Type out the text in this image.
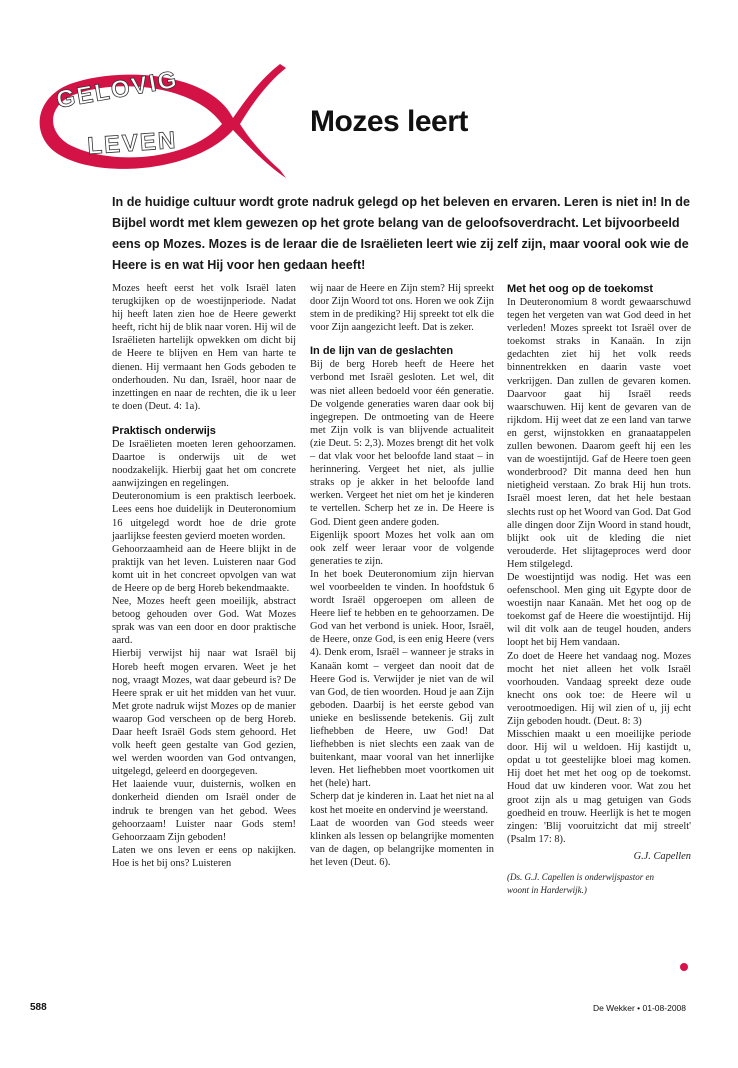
GELOVIG
LEVEN
Mozes leert

In de huidige cultuur wordt grote nadruk gelegd op het beleven en ervaren. Leren is niet in! In de Bijbel wordt met klem gewezen op het grote belang van de geloofsoverdracht. Let bijvoorbeeld eens op Mozes. Mozes is de leraar die de Israëlieten leert wie zij zelf zijn, maar vooral ook wie de Heere is en wat Hij voor hen gedaan heeft!

Mozes heeft eerst het volk Israël laten terugkijken op de woestijnperiode. Nadat hij heeft laten zien hoe de Heere gewerkt heeft, richt hij de blik naar voren. Hij wil de Israëlieten hartelijk opwekken om dicht bij de Heere te blijven en Hem van harte te dienen. Hij vermaant hen Gods geboden te onderhouden. Nu dan, Israël, hoor naar de inzettingen en naar de rechten, die ik u leer te doen (Deut. 4: 1a).

Praktisch onderwijs

De Israëlieten moeten leren gehoorzamen. Daartoe is onderwijs uit de wet noodzakelijk. Hierbij gaat het om concrete aanwijzingen en regelingen.

Deuteronomium is een praktisch leerboek. Lees eens hoe duidelijk in Deuteronomium 16 uitgelegd wordt hoe de drie grote jaarlijkse feesten gevierd moeten worden.

Gehoorzaamheid aan de Heere blijkt in de praktijk van het leven. Luisteren naar God komt uit in het concreet opvolgen van wat de Heere op de berg Horeb bekendmaakte.

Nee, Mozes heeft geen moeilijk, abstract betoog gehouden over God. Wat Mozes sprak was van een door en door praktische aard.

Hierbij verwijst hij naar wat Israël bij Horeb heeft mogen ervaren. Weet je het nog, vraagt Mozes, wat daar gebeurd is? De Heere sprak er uit het midden van het vuur. Met grote nadruk wijst Mozes op de manier waarop God verscheen op de berg Horeb. Daar heeft Israël Gods stem gehoord. Het volk heeft geen gestalte van God gezien, wel werden woorden van God ontvangen, uitgelegd, geleerd en doorgegeven.

Het laaiende vuur, duisternis, wolken en donkerheid dienden om Israël onder de indruk te brengen van het gebod. Wees gehoorzaam! Luister naar Gods stem! Gehoorzaam Zijn geboden!

Laten we ons leven er eens op nakijken. Hoe is het bij ons? Luisteren

wij naar de Heere en Zijn stem? Hij spreekt door Zijn Woord tot ons. Horen we ook Zijn stem in de prediking? Hij spreekt tot elk die voor Zijn aangezicht leeft. Dat is zeker.

In de lijn van de geslachten

Bij de berg Horeb heeft de Heere het verbond met Israël gesloten. Let wel, dit was niet alleen bedoeld voor één generatie. De volgende generaties waren daar ook bij ingegrepen. De ontmoeting van de Heere met Zijn volk is van blijvende actualiteit (zie Deut. 5: 2,3). Mozes brengt dit het volk – dat vlak voor het beloofde land staat – in herinnering. Vergeet het niet, als jullie straks op je akker in het beloofde land werken. Vergeet het niet om het je kinderen te vertellen. Scherp het ze in. De Heere is God. Dient geen andere goden.

Eigenlijk spoort Mozes het volk aan om ook zelf weer leraar voor de volgende generaties te zijn.

In het boek Deuteronomium zijn hiervan wel voorbeelden te vinden. In hoofdstuk 6 wordt Israël opgeroepen om alleen de Heere lief te hebben en te gehoorzamen. De God van het verbond is uniek. Hoor, Israël, de Heere, onze God, is een enig Heere (vers 4). Denk erom, Israël – wanneer je straks in Kanaän komt – vergeet dan nooit dat de Heere God is. Verwijder je niet van de wil van God, de tien woorden. Houd je aan Zijn geboden. Daarbij is het eerste gebod van unieke en beslissende betekenis. Gij zult liefhebben de Heere, uw God! Dat liefhebben is niet slechts een zaak van de buitenkant, maar vooral van het innerlijke leven. Het liefhebben moet voortkomen uit het (hele) hart.

Scherp dat je kinderen in. Laat het niet na al kost het moeite en ondervind je weerstand.

Laat de woorden van God steeds weer klinken als lessen op belangrijke momenten van de dagen, op belangrijke momenten in het leven (Deut. 6).

Met het oog op de toekomst

In Deuteronomium 8 wordt gewaarschuwd tegen het vergeten van wat God deed in het verleden! Mozes spreekt tot Israël over de toekomst straks in Kanaän. In zijn gedachten ziet hij het volk reeds binnentrekken en daarin vaste voet verkrijgen. Dan zullen de gevaren komen. Daarvoor gaat hij Israël reeds waarschuwen. Hij kent de gevaren van de rijkdom. Hij weet dat ze een land van tarwe en gerst, wijnstokken en granaatappelen zullen bewonen. Daarom geeft hij een les van de woestijntijd. Gaf de Heere toen geen wonderbrood? Dit manna deed hen hun nietigheid verstaan. Zo brak Hij hun trots. Israël moest leren, dat het hele bestaan slechts rust op het Woord van God. Dat God alle dingen door Zijn Woord in stand houdt, blijkt ook uit de kleding die niet verouderde. Het slijtageproces werd door Hem stilgelegd.

De woestijntijd was nodig. Het was een oefenschool. Men ging uit Egypte door de woestijn naar Kanaän. Met het oog op de toekomst gaf de Heere die woestijntijd. Hij wil dit volk aan de teugel houden, anders loopt het bij Hem vandaan.

Zo doet de Heere het vandaag nog. Mozes mocht het niet alleen het volk Israël voorhouden. Vandaag spreekt deze oude knecht ons ook toe: de Heere wil u verootmoedigen. Hij wil zien of u, jij echt Zijn geboden houdt. (Deut. 8: 3)

Misschien maakt u een moeilijke periode door. Hij wil u weldoen. Hij kastijdt u, opdat u tot geestelijke bloei mag komen. Hij doet het met het oog op de toekomst. Houd dat uw kinderen voor. Wat zou het groot zijn als u mag getuigen van Gods goedheid en trouw. Heerlijk is het te mogen zingen: 'Blij vooruitzicht dat mij streelt' (Psalm 17: 8).

G.J. Capellen

(Ds. G.J. Capellen is onderwijspastor en woont in Harderwijk.)

588	De Wekker • 01-08-2008
